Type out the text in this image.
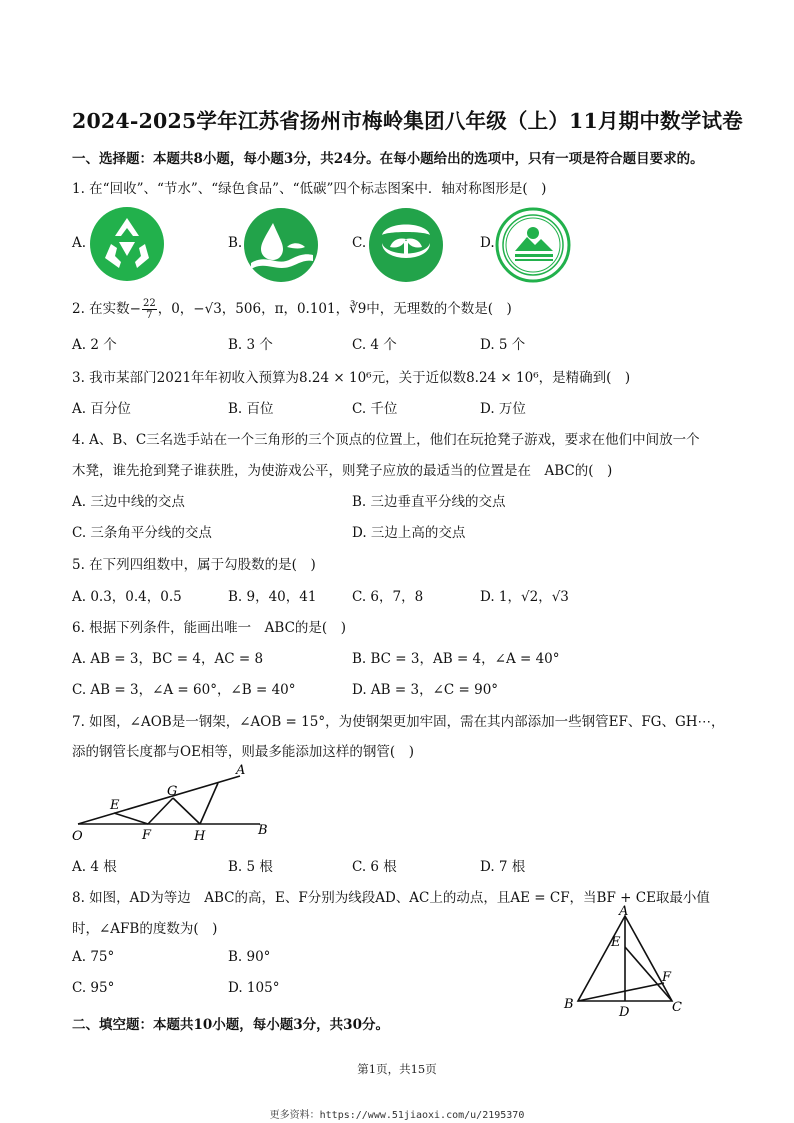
2024-2025学年江苏省扬州市梅岭集团八年级（上）11月期中数学试卷
一、选择题：本题共8小题，每小题3分，共24分。在每小题给出的选项中，只有一项是符合题目要求的。
1. 在“回收”、“节水”、“绿色食品”、“低碳”四个标志图案中．轴对称图形是(　)
A.	B.	C.	D.
2. 在实数− $\frac{22}{7}$ ，0，−√3，506，π，0.101，∛9中，无理数的个数是(　)
A. 2 个	B. 3 个	C. 4 个	D. 5 个
3. 我市某部门2021年年初收入预算为8.24 × 10⁶元，关于近似数8.24 × 10⁶，是精确到(　)
A. 百分位	B. 百位	C. 千位	D. 万位
4. A、B、C三名选手站在一个三角形的三个顶点的位置上，他们在玩抢凳子游戏，要求在他们中间放一个
木凳，谁先抢到凳子谁获胜，为使游戏公平，则凳子应放的最适当的位置是在　ABC的(　)
A. 三边中线的交点	B. 三边垂直平分线的交点
C. 三条角平分线的交点	D. 三边上高的交点
5. 在下列四组数中，属于勾股数的是(　)
A. 0.3，0.4，0.5	B. 9，40，41	C. 6，7，8	D. 1，√2，√3
6. 根据下列条件，能画出唯一　ABC的是(　)
A. AB = 3，BC = 4，AC = 8	B. BC = 3，AB = 4，∠A = 40°
C. AB = 3，∠A = 60°，∠B = 40°	D. AB = 3，∠C = 90°
7. 如图，∠AOB是一钢架，∠AOB = 15°，为使钢架更加牢固，需在其内部添加一些钢管EF、FG、GH⋯，
添的钢管长度都与OE相等，则最多能添加这样的钢管(　)
A
G
E
O	F	H	B
A. 4 根	B. 5 根	C. 6 根	D. 7 根
8. 如图，AD为等边　ABC的高，E、F分别为线段AD、AC上的动点，且AE = CF，当BF + CE取最小值
时，∠AFB的度数为(　)
A. 75°	B. 90°
C. 95°	D. 105°
A
E
F
B
D	C
二、填空题：本题共10小题，每小题3分，共30分。
第1页，共15页
更多资料：https://www.51jiaoxi.com/u/2195370
